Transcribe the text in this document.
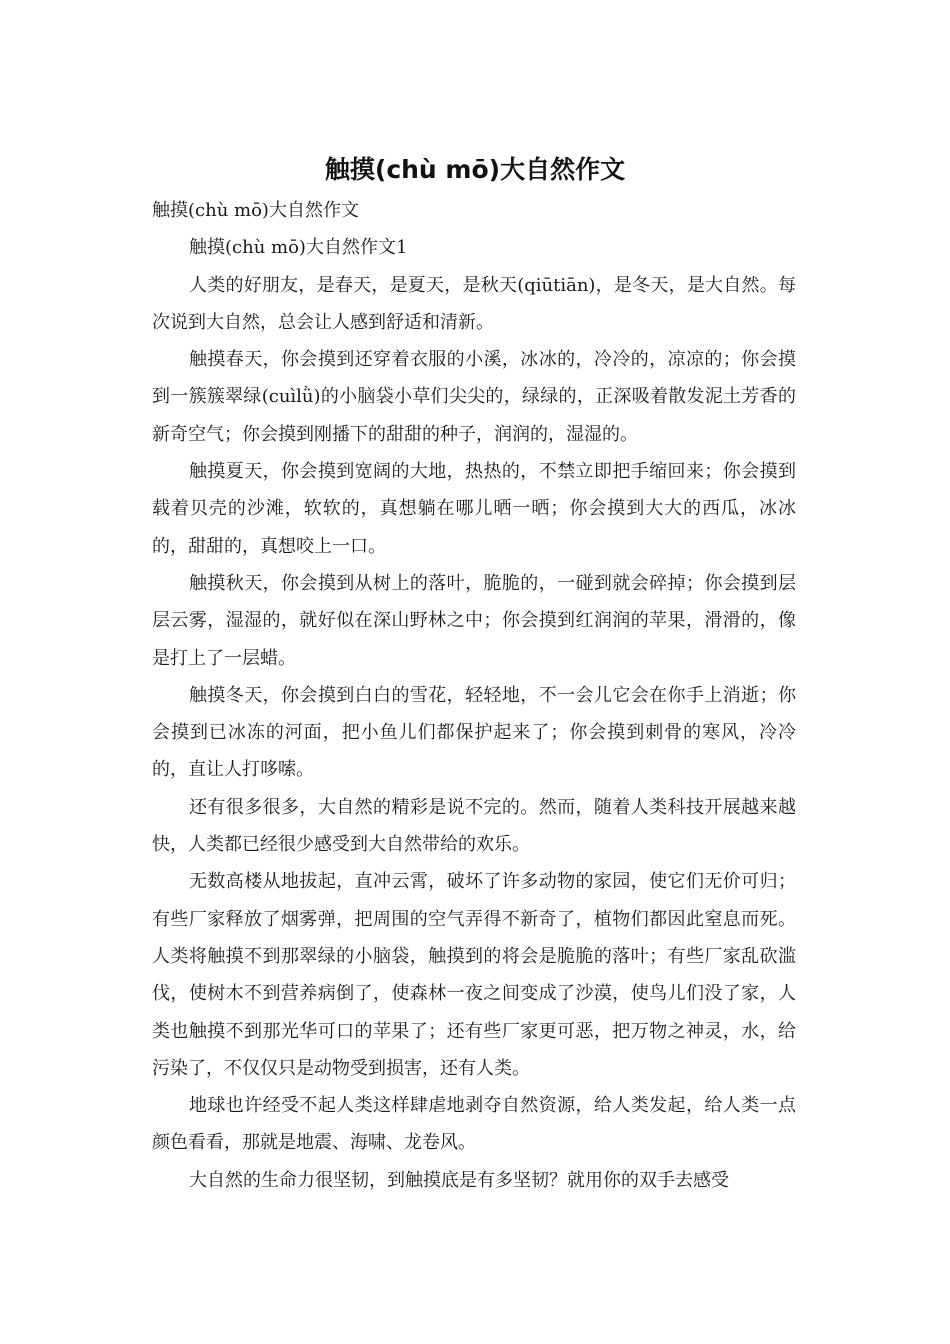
触摸(chù mō)大自然作文

触摸(chù mō)大自然作文

触摸(chù mō)大自然作文1

人类的好朋友，是春天，是夏天，是秋天(qiūtiān)，是冬天，是大自然。每次说到大自然，总会让人感到舒适和清新。

触摸春天，你会摸到还穿着衣服的小溪，冰冰的，冷冷的，凉凉的；你会摸到一簇簇翠绿(cuìlǜ)的小脑袋小草们尖尖的，绿绿的，正深吸着散发泥土芳香的新奇空气；你会摸到刚播下的甜甜的种子，润润的，湿湿的。

触摸夏天，你会摸到宽阔的大地，热热的，不禁立即把手缩回来；你会摸到载着贝壳的沙滩，软软的，真想躺在哪儿晒一晒；你会摸到大大的西瓜，冰冰的，甜甜的，真想咬上一口。

触摸秋天，你会摸到从树上的落叶，脆脆的，一碰到就会碎掉；你会摸到层层云雾，湿湿的，就好似在深山野林之中；你会摸到红润润的苹果，滑滑的，像是打上了一层蜡。

触摸冬天，你会摸到白白的雪花，轻轻地，不一会儿它会在你手上消逝；你会摸到已冰冻的河面，把小鱼儿们都保护起来了；你会摸到刺骨的寒风，冷冷的，直让人打哆嗦。

还有很多很多，大自然的精彩是说不完的。然而，随着人类科技开展越来越快，人类都已经很少感受到大自然带给的欢乐。

无数高楼从地拔起，直冲云霄，破坏了许多动物的家园，使它们无价可归；有些厂家释放了烟雾弹，把周围的空气弄得不新奇了，植物们都因此窒息而死。人类将触摸不到那翠绿的小脑袋，触摸到的将会是脆脆的落叶；有些厂家乱砍滥伐，使树木不到营养病倒了，使森林一夜之间变成了沙漠，使鸟儿们没了家，人类也触摸不到那光华可口的苹果了；还有些厂家更可恶，把万物之神灵，水，给污染了，不仅仅只是动物受到损害，还有人类。

地球也许经受不起人类这样肆虐地剥夺自然资源，给人类发起，给人类一点颜色看看，那就是地震、海啸、龙卷风。

大自然的生命力很坚韧，到触摸底是有多坚韧？就用你的双手去感受
